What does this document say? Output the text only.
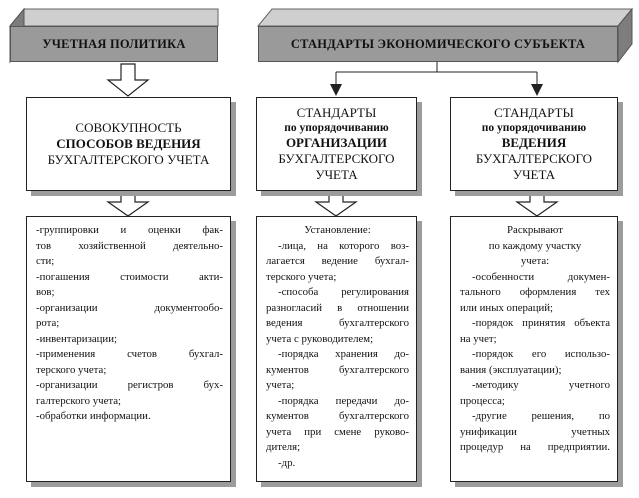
УЧЕТНАЯ ПОЛИТИКА	СТАНДАРТЫ ЭКОНОМИЧЕСКОГО СУБЪЕКТА
СОВОКУПНОСТЬ
СПОСОБОВ ВЕДЕНИЯ
БУХГАЛТЕРСКОГО УЧЕТА
СТАНДАРТЫ
по упорядочиванию
ОРГАНИЗАЦИИ
БУХГАЛТЕРСКОГО
УЧЕТА
СТАНДАРТЫ
по упорядочиванию
ВЕДЕНИЯ
БУХГАЛТЕРСКОГО
УЧЕТА
-группировки и оценки фак-
тов хозяйственной деятельно-
сти;
-погашения стоимости акти-
вов;
-организации документообо-
рота;
-инвентаризации;
-применения счетов бухгал-
терского учета;
-организации регистров бух-
галтерского учета;
-обработки информации.
Установление:
-лица, на которого воз-
лагается ведение бухгал-
терского учета;
-способа регулирования
разногласий в отношении
ведения бухгалтерского
учета с руководителем;
-порядка хранения до-
кументов бухгалтерского
учета;
-порядка передачи до-
кументов бухгалтерского
учета при смене руково-
дителя;
-др.
Раскрывают
по каждому участку
учета:
-особенности докумен-
тального оформления тех
или иных операций;
-порядок принятия объекта
на учет;
-порядок его использо-
вания (эксплуатации);
-методику учетного
процесса;
-другие решения, по
унификации учетных
процедур на предприятии.
